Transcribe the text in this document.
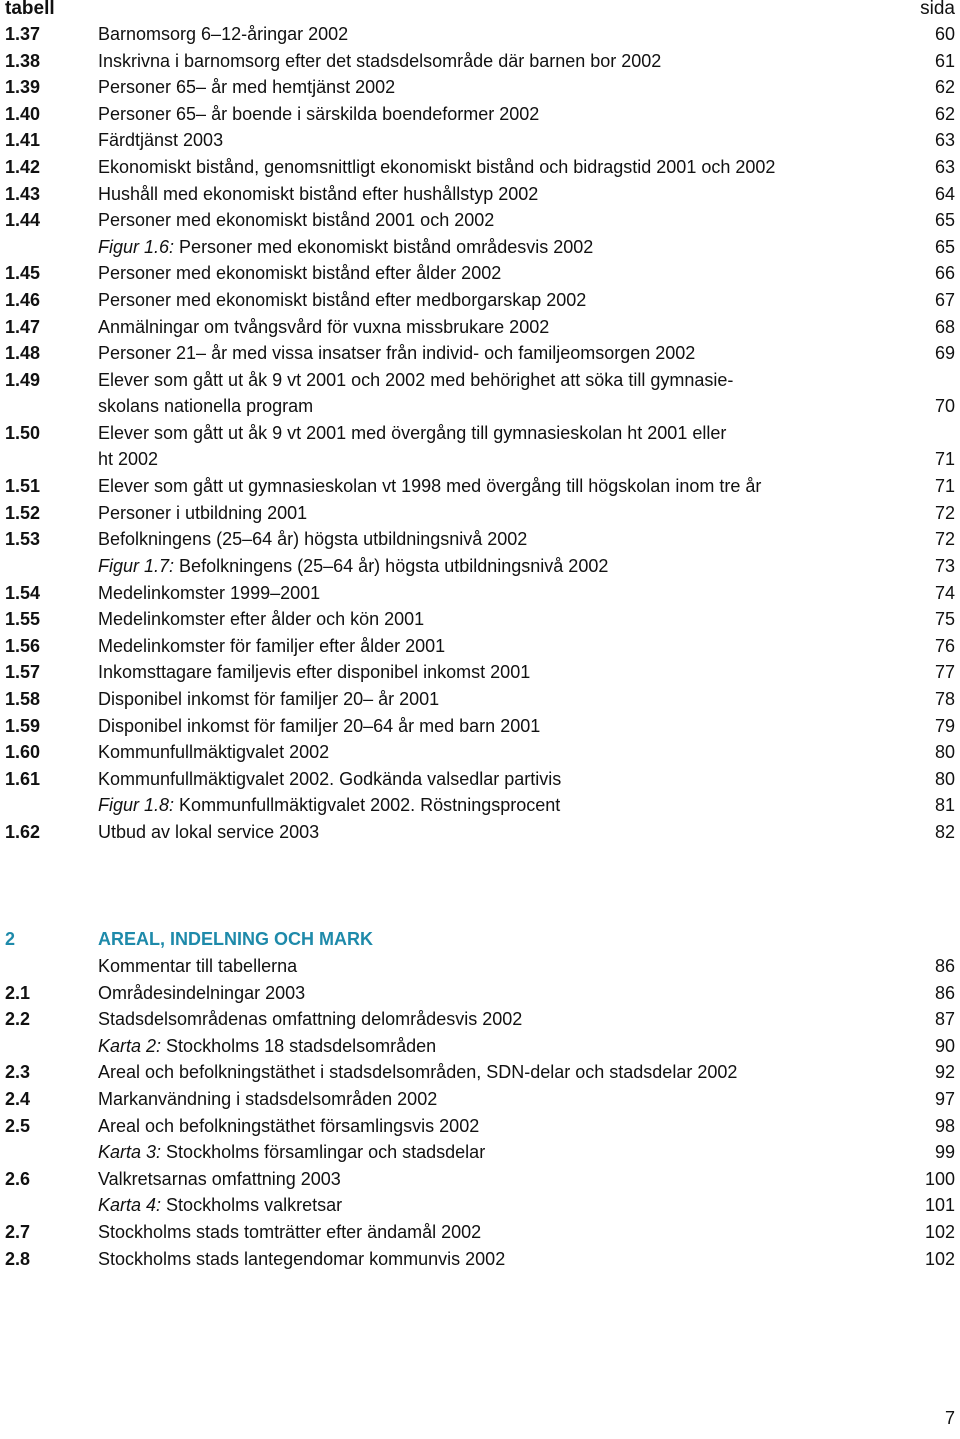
tabell	sida
1.37	Barnomsorg 6–12-åringar 2002	60
1.38	Inskrivna i barnomsorg efter det stadsdelsområde där barnen bor 2002	61
1.39	Personer 65– år med hemtjänst 2002	62
1.40	Personer 65– år boende i särskilda boendeformer 2002	62
1.41	Färdtjänst 2003	63
1.42	Ekonomiskt bistånd, genomsnittligt ekonomiskt bistånd och bidragstid 2001 och 2002	63
1.43	Hushåll med ekonomiskt bistånd efter hushållstyp 2002	64
1.44	Personer med ekonomiskt bistånd 2001 och 2002	65
Figur 1.6: Personer med ekonomiskt bistånd områdesvis 2002	65
1.45	Personer med ekonomiskt bistånd efter ålder 2002	66
1.46	Personer med ekonomiskt bistånd efter medborgarskap 2002	67
1.47	Anmälningar om tvångsvård för vuxna missbrukare 2002	68
1.48	Personer 21– år med vissa insatser från individ- och familjeomsorgen 2002	69
1.49	Elever som gått ut åk 9 vt 2001 och 2002 med behörighet att söka till gymnasie-
skolans nationella program	70
1.50	Elever som gått ut åk 9 vt 2001 med övergång till gymnasieskolan ht 2001 eller
ht 2002	71
1.51	Elever som gått ut gymnasieskolan vt 1998 med övergång till högskolan inom tre år	71
1.52	Personer i utbildning 2001	72
1.53	Befolkningens (25–64 år) högsta utbildningsnivå 2002	72
Figur 1.7: Befolkningens (25–64 år) högsta utbildningsnivå 2002	73
1.54	Medelinkomster 1999–2001	74
1.55	Medelinkomster efter ålder och kön 2001	75
1.56	Medelinkomster för familjer efter ålder 2001	76
1.57	Inkomsttagare familjevis efter disponibel inkomst 2001	77
1.58	Disponibel inkomst för familjer 20– år 2001	78
1.59	Disponibel inkomst för familjer 20–64 år med barn 2001	79
1.60	Kommunfullmäktigvalet 2002	80
1.61	Kommunfullmäktigvalet 2002. Godkända valsedlar partivis	80
Figur 1.8: Kommunfullmäktigvalet 2002. Röstningsprocent	81
1.62	Utbud av lokal service 2003	82
2	AREAL, INDELNING OCH MARK
Kommentar till tabellerna	86
2.1	Områdesindelningar 2003	86
2.2	Stadsdelsområdenas omfattning delområdesvis 2002	87
Karta 2: Stockholms 18 stadsdelsområden	90
2.3	Areal och befolkningstäthet i stadsdelsområden, SDN-delar och stadsdelar 2002	92
2.4	Markanvändning i stadsdelsområden 2002	97
2.5	Areal och befolkningstäthet församlingsvis 2002	98
Karta 3: Stockholms församlingar och stadsdelar	99
2.6	Valkretsarnas omfattning 2003	100
Karta 4: Stockholms valkretsar	101
2.7	Stockholms stads tomträtter efter ändamål 2002	102
2.8	Stockholms stads lantegendomar kommunvis 2002	102
7
